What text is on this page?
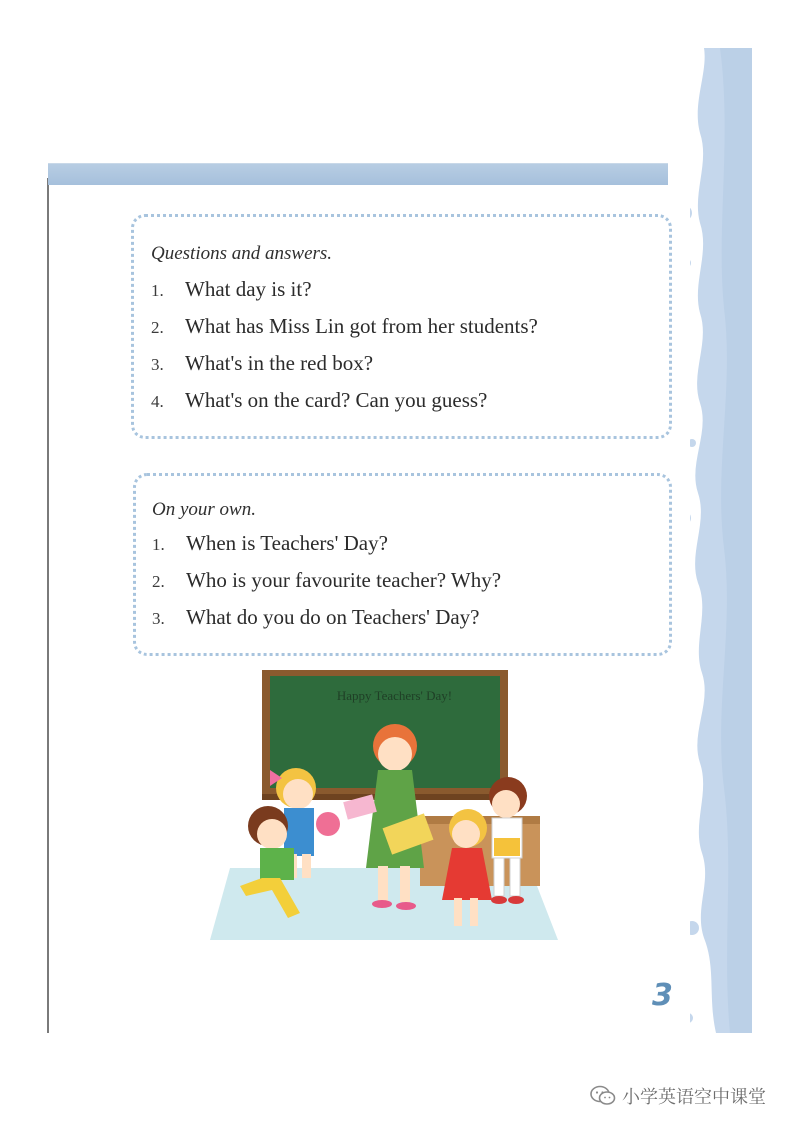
Questions and answers.
1.	What day is it?
2.	What has Miss Lin got from her students?
3.	What's in the red box?
4.	What's on the card? Can you guess?
On your own.
1.	When is Teachers' Day?
2.	Who is your favourite teacher? Why?
3.	What do you do on Teachers' Day?
Happy Teachers' Day!
3
小学英语空中课堂
